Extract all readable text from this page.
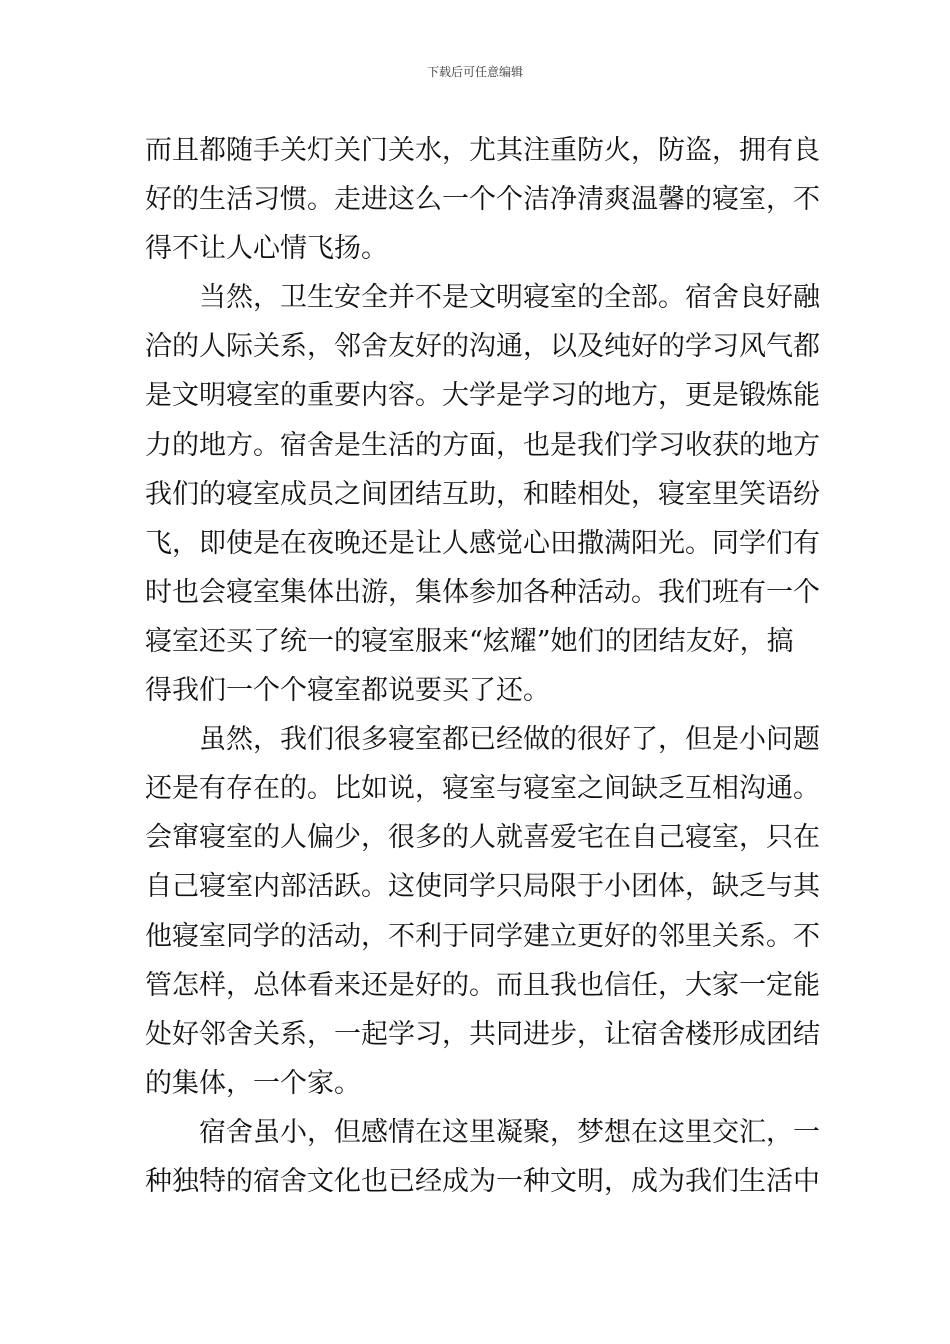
下载后可任意编辑
而且都随手关灯关门关水，尤其注重防火，防盗，拥有良
好的生活习惯。走进这么一个个洁净清爽温馨的寝室，不
得不让人心情飞扬。
当然，卫生安全并不是文明寝室的全部。宿舍良好融
洽的人际关系，邻舍友好的沟通，以及纯好的学习风气都
是文明寝室的重要内容。大学是学习的地方，更是锻炼能
力的地方。宿舍是生活的方面，也是我们学习收获的地方
我们的寝室成员之间团结互助，和睦相处，寝室里笑语纷
飞，即使是在夜晚还是让人感觉心田撒满阳光。同学们有
时也会寝室集体出游，集体参加各种活动。我们班有一个
寝室还买了统一的寝室服来“炫耀”她们的团结友好，搞
得我们一个个寝室都说要买了还。
虽然，我们很多寝室都已经做的很好了，但是小问题
还是有存在的。比如说，寝室与寝室之间缺乏互相沟通。
会窜寝室的人偏少，很多的人就喜爱宅在自己寝室，只在
自己寝室内部活跃。这使同学只局限于小团体，缺乏与其
他寝室同学的活动，不利于同学建立更好的邻里关系。不
管怎样，总体看来还是好的。而且我也信任，大家一定能
处好邻舍关系，一起学习，共同进步，让宿舍楼形成团结
的集体，一个家。
宿舍虽小，但感情在这里凝聚，梦想在这里交汇，一
种独特的宿舍文化也已经成为一种文明，成为我们生活中
